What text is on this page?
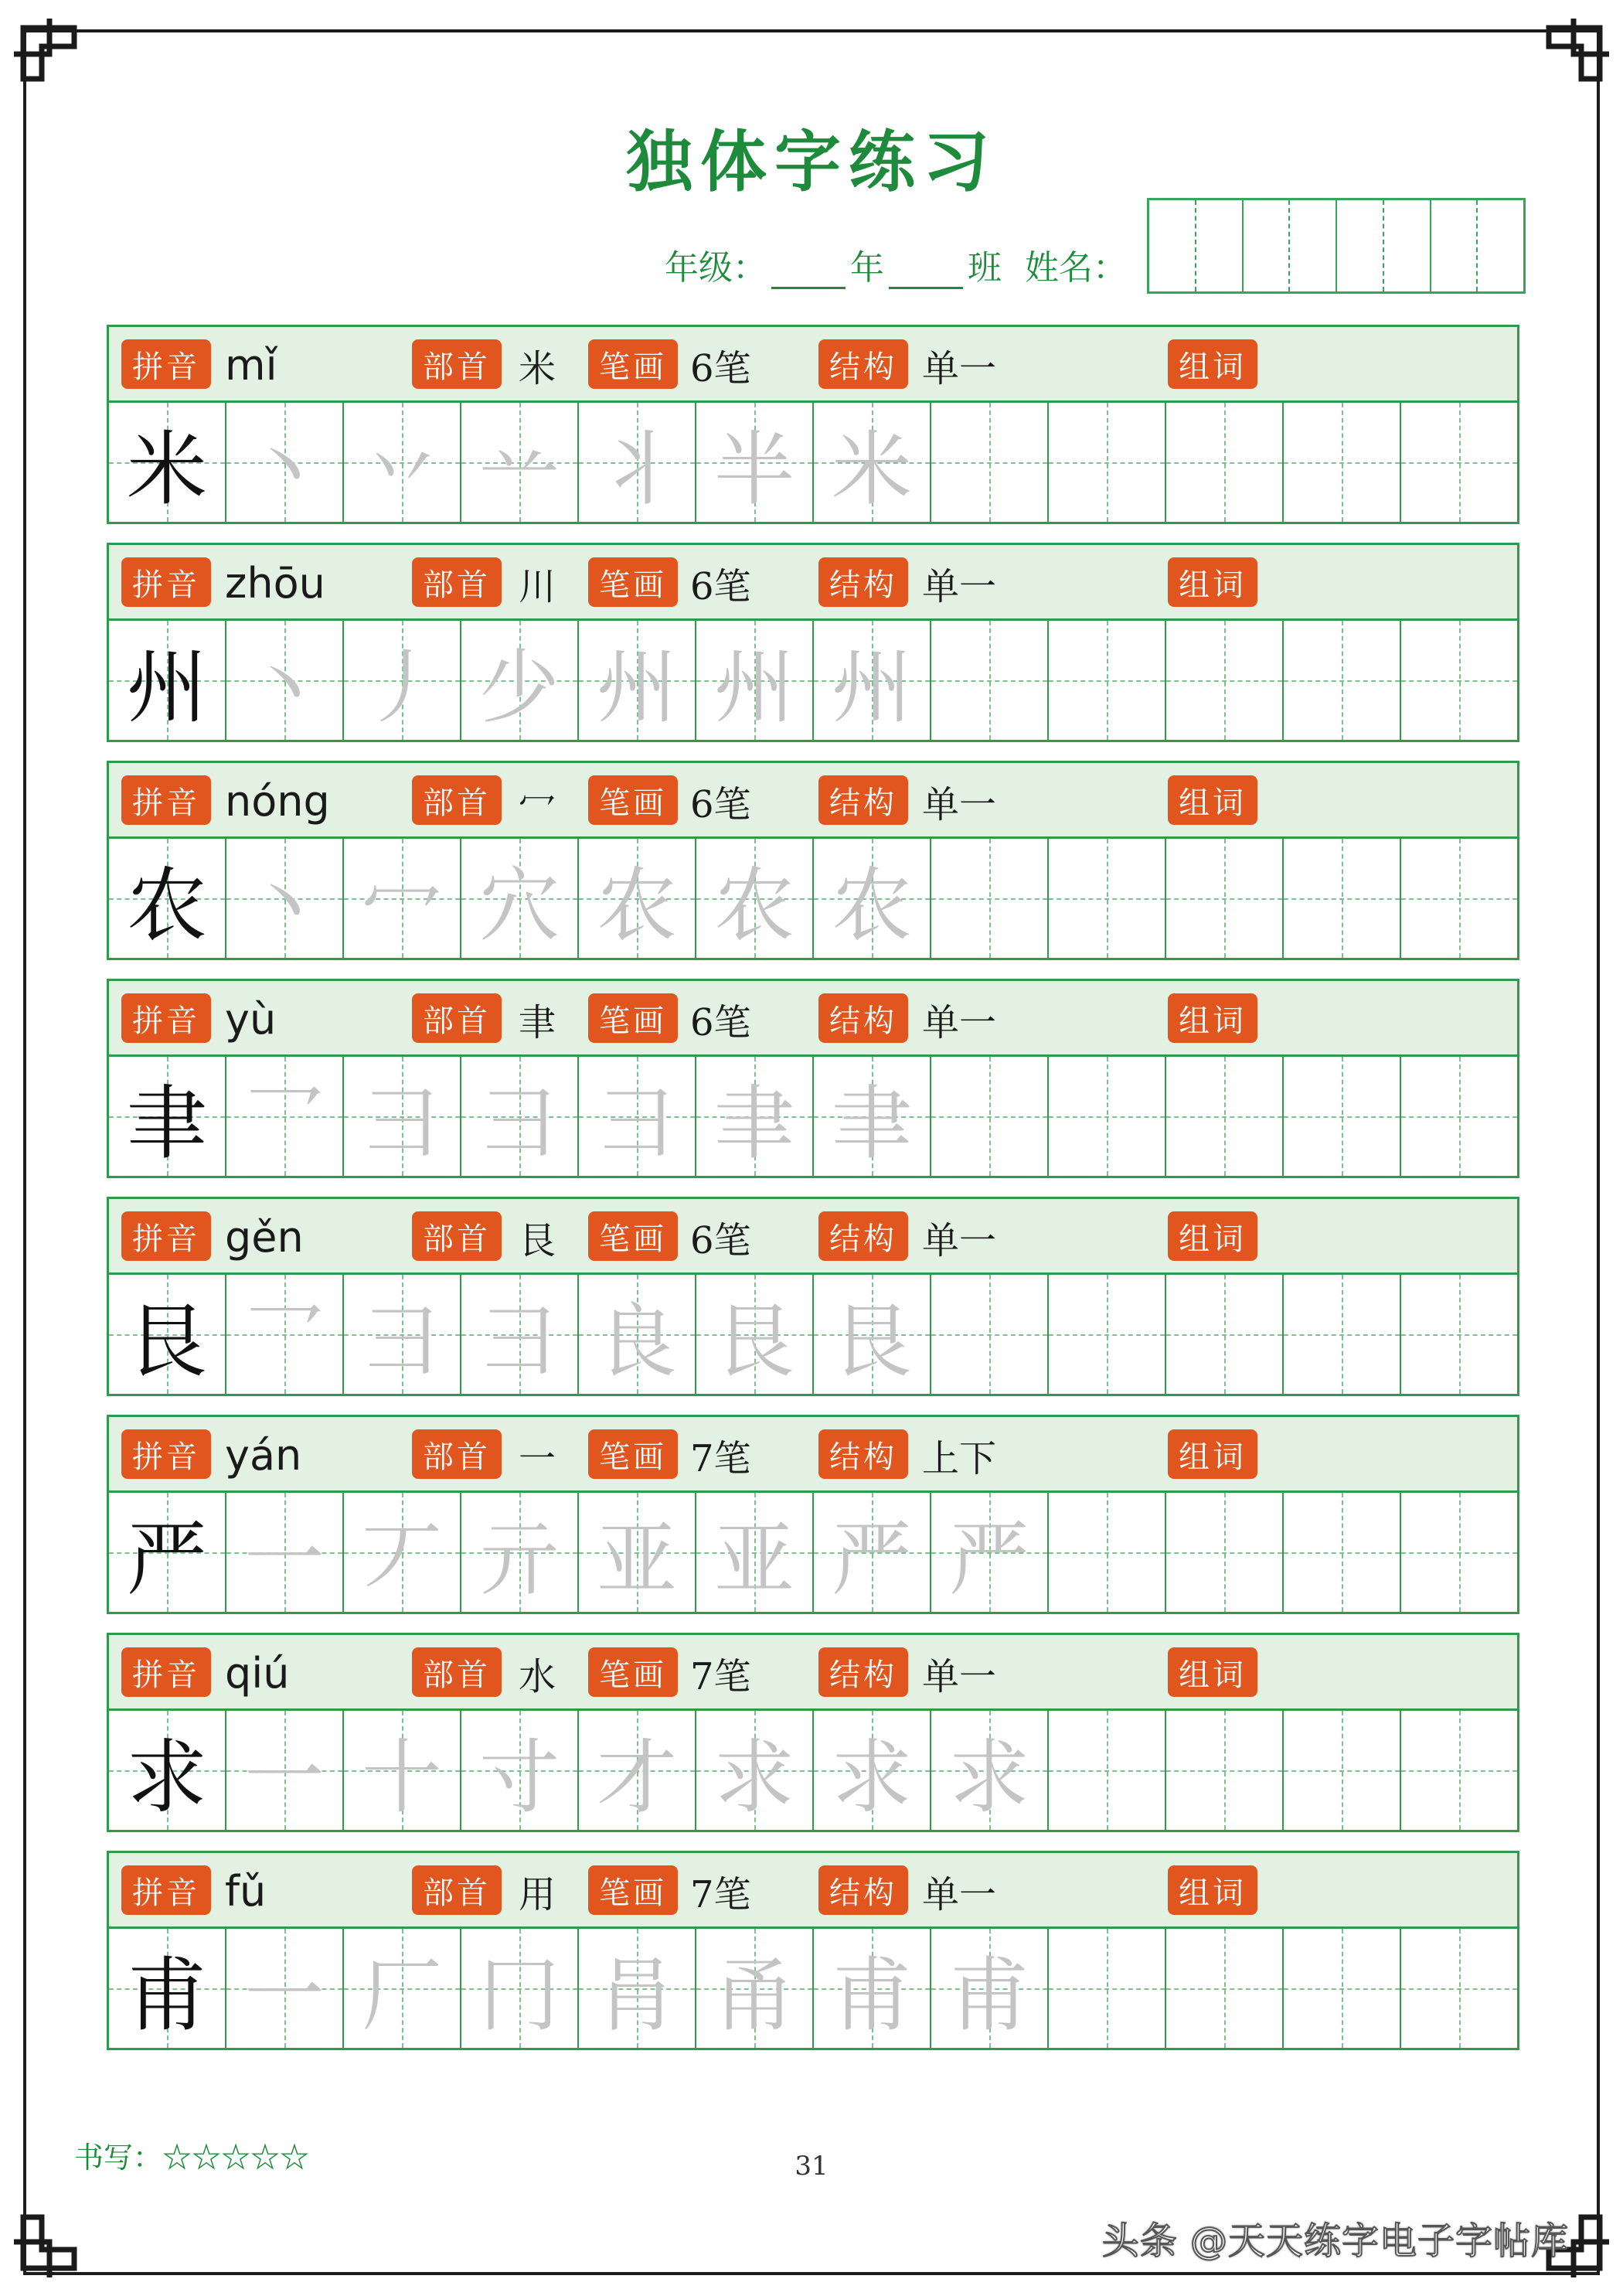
独体字练习
年级： 年 班 姓名：
拼音	部首	笔画	结构	组词
mǐ	米	6笔	单一
米 丶 丷 䒑 丬 半 米
拼音	部首	笔画	结构	组词
zhōu	川	6笔	单一
州 丶 丿 少 州 州 州
拼音	部首	笔画	结构	组词
nóng	冖	6笔	单一
农 丶 冖 穴 农 农 农
拼音	部首	笔画	结构	组词
yù	聿	6笔	单一
聿 乛 彐 彐 ⺕ 聿 聿
拼音	部首	笔画	结构	组词
gěn	艮	6笔	单一
艮 乛 彐 彐 良 艮 艮
拼音	部首	笔画	结构	组词
yán	一	7笔	上下
严 一 丆 亓 亚 亚 严 严
拼音	部首	笔画	结构	组词
qiú	水	7笔	单一
求 一 十 寸 才 求 求 求
拼音	部首	笔画	结构	组词
fǔ	用	7笔	单一
甫 一 厂 冂 肙 甬 甫 甫
书写：☆☆☆☆☆	31
头条 @天天练字电子字帖库
